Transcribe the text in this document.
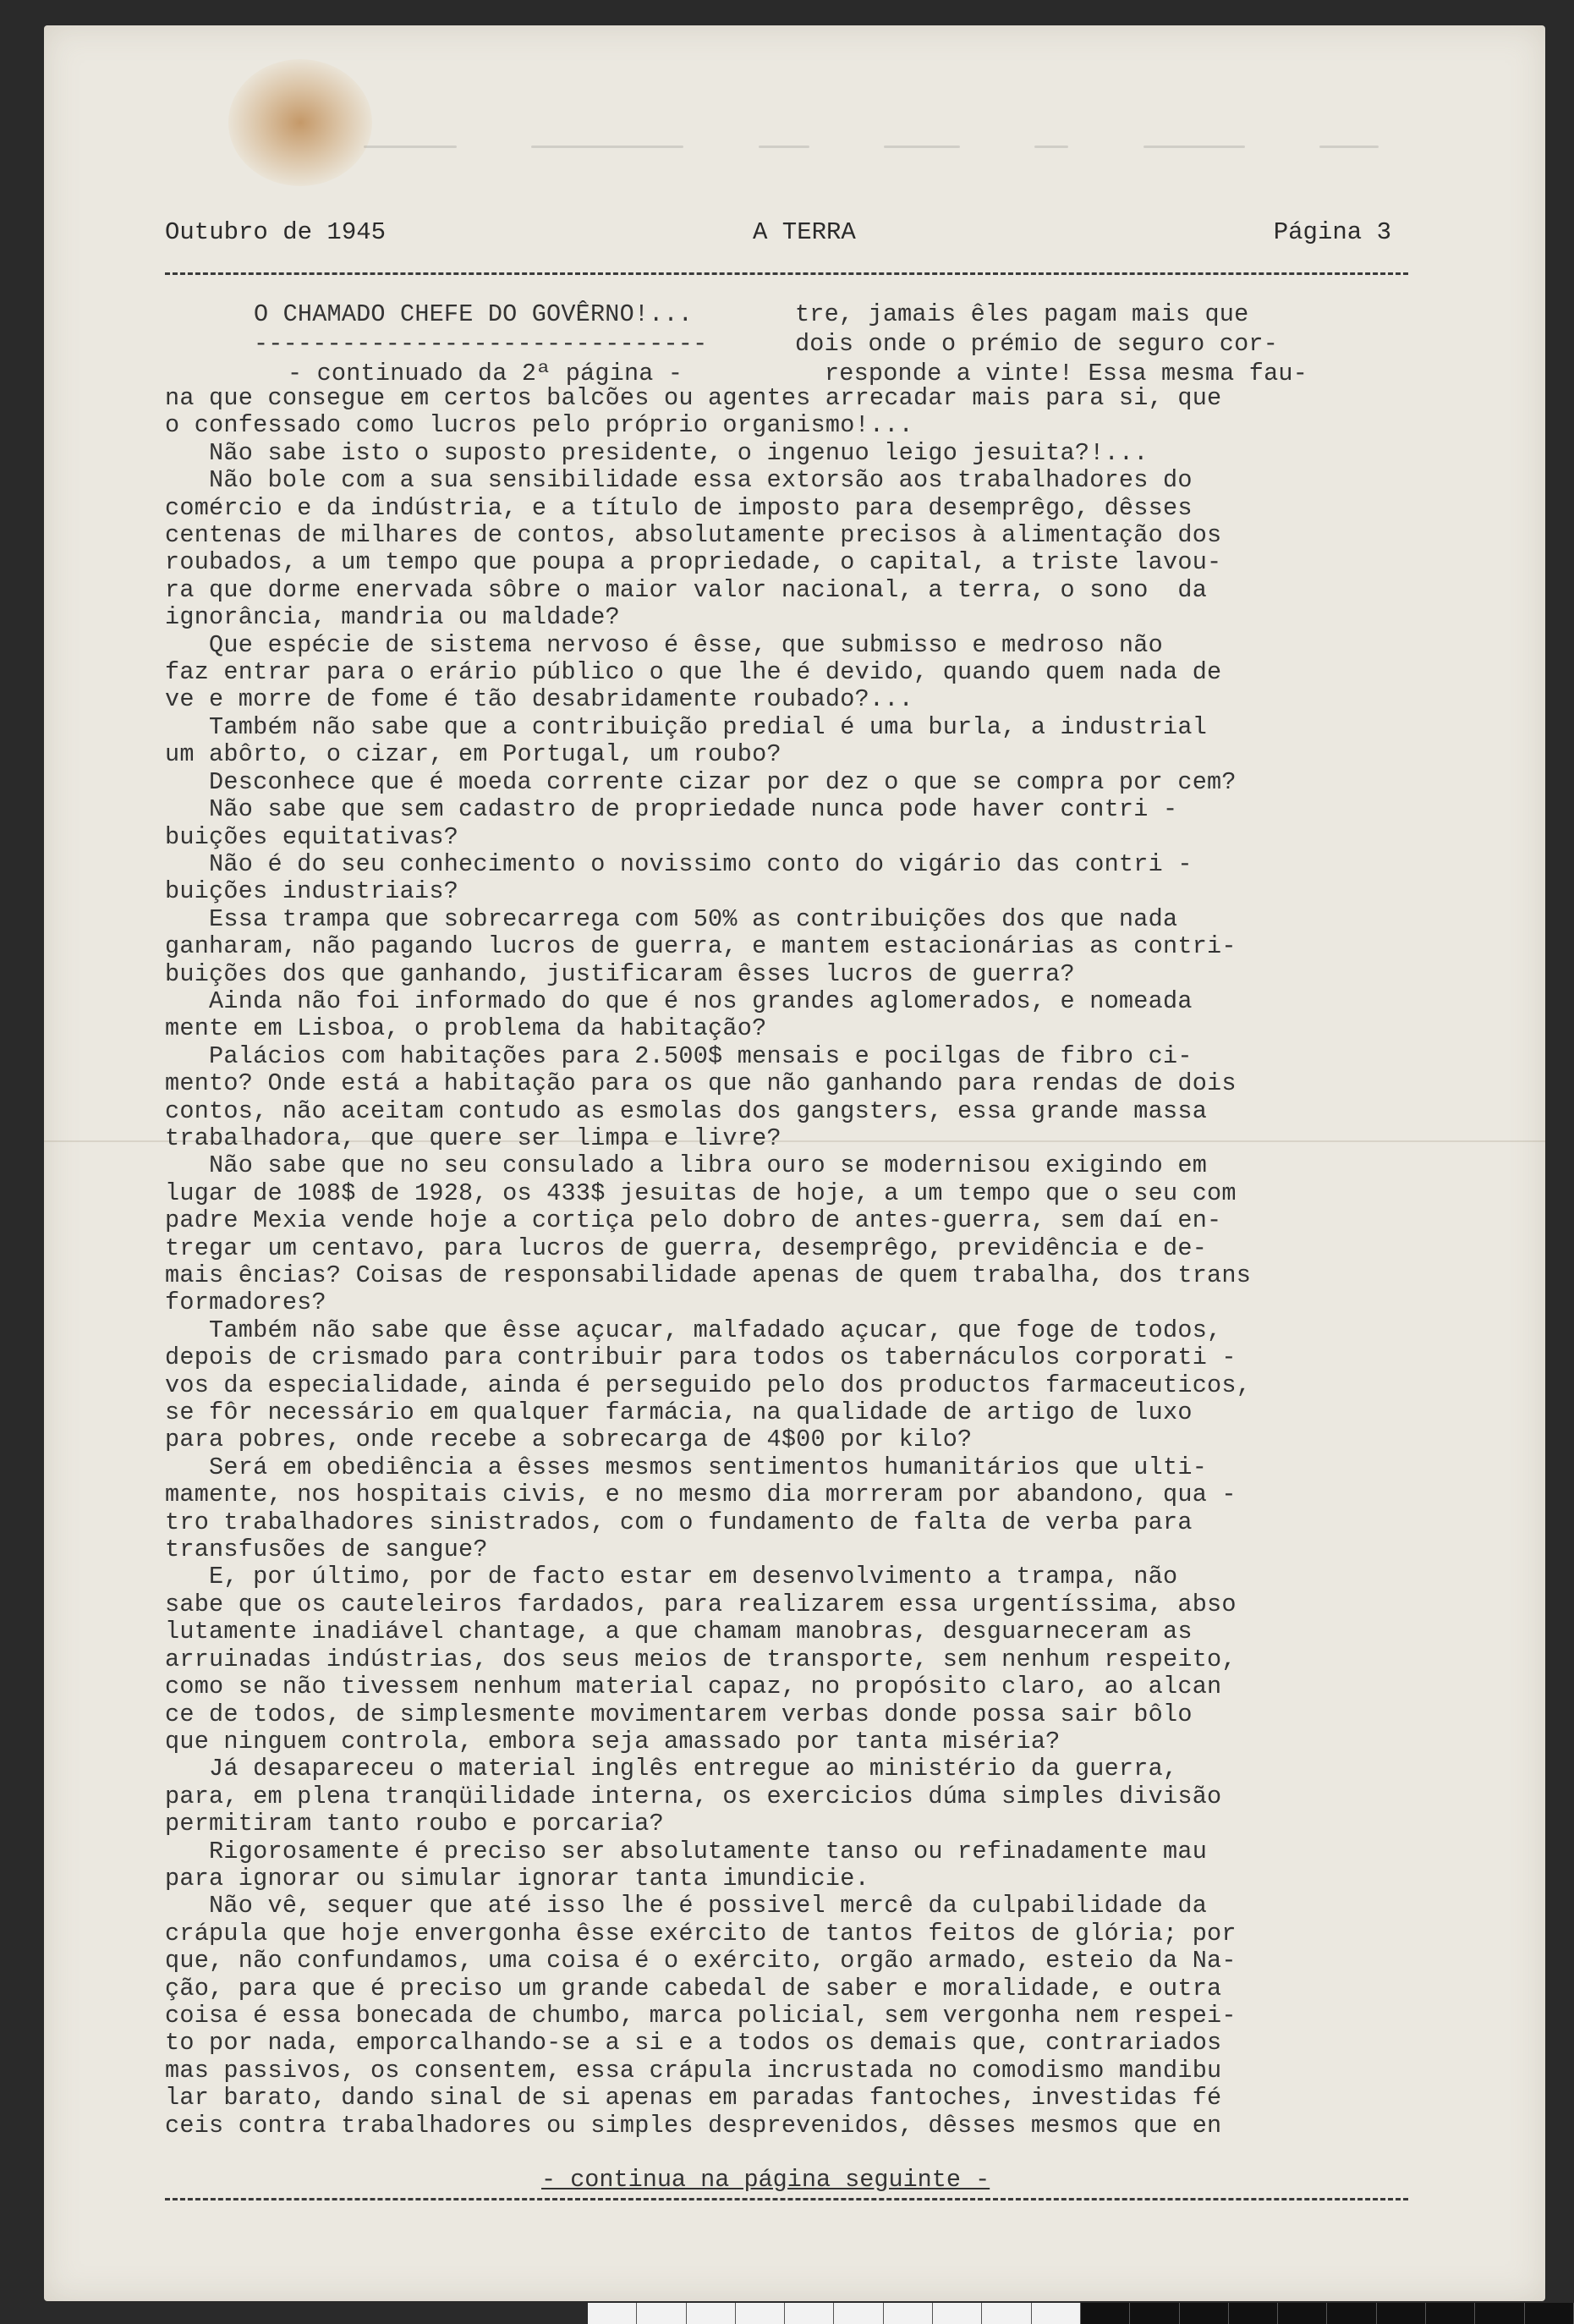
Outubro de 1945	A TERRA	Página 3
O CHAMADO CHEFE DO GOVÊRNO!...
-------------------------------
- continuado da 2ª página -
tre, jamais êles pagam mais que
dois onde o prémio de seguro cor-
responde a vinte! Essa mesma fau-
na que consegue em certos balcões ou agentes arrecadar mais para si, que
o confessado como lucros pelo próprio organismo!...
Não sabe isto o suposto presidente, o ingenuo leigo jesuita?!...
Não bole com a sua sensibilidade essa extorsão aos trabalhadores do
comércio e da indústria, e a título de imposto para desemprêgo, dêsses
centenas de milhares de contos, absolutamente precisos à alimentação dos
roubados, a um tempo que poupa a propriedade, o capital, a triste lavou-
ra que dorme enervada sôbre o maior valor nacional, a terra, o sono  da
ignorância, mandria ou maldade?
Que espécie de sistema nervoso é êsse, que submisso e medroso não
faz entrar para o erário público o que lhe é devido, quando quem nada de
ve e morre de fome é tão desabridamente roubado?...
Também não sabe que a contribuição predial é uma burla, a industrial
um abôrto, o cizar, em Portugal, um roubo?
Desconhece que é moeda corrente cizar por dez o que se compra por cem?
Não sabe que sem cadastro de propriedade nunca pode haver contri -
buições equitativas?
Não é do seu conhecimento o novissimo conto do vigário das contri -
buições industriais?
Essa trampa que sobrecarrega com 50% as contribuições dos que nada
ganharam, não pagando lucros de guerra, e mantem estacionárias as contri-
buições dos que ganhando, justificaram êsses lucros de guerra?
Ainda não foi informado do que é nos grandes aglomerados, e nomeada
mente em Lisboa, o problema da habitação?
Palácios com habitações para 2.500$ mensais e pocilgas de fibro ci-
mento? Onde está a habitação para os que não ganhando para rendas de dois
contos, não aceitam contudo as esmolas dos gangsters, essa grande massa
trabalhadora, que quere ser limpa e livre?
Não sabe que no seu consulado a libra ouro se modernisou exigindo em
lugar de 108$ de 1928, os 433$ jesuitas de hoje, a um tempo que o seu com
padre Mexia vende hoje a cortiça pelo dobro de antes-guerra, sem daí en-
tregar um centavo, para lucros de guerra, desemprêgo, previdência e de-
mais ências? Coisas de responsabilidade apenas de quem trabalha, dos trans
formadores?
Também não sabe que êsse açucar, malfadado açucar, que foge de todos,
depois de crismado para contribuir para todos os tabernáculos corporati -
vos da especialidade, ainda é perseguido pelo dos productos farmaceuticos,
se fôr necessário em qualquer farmácia, na qualidade de artigo de luxo
para pobres, onde recebe a sobrecarga de 4$00 por kilo?
Será em obediência a êsses mesmos sentimentos humanitários que ulti-
mamente, nos hospitais civis, e no mesmo dia morreram por abandono, qua -
tro trabalhadores sinistrados, com o fundamento de falta de verba para
transfusões de sangue?
E, por último, por de facto estar em desenvolvimento a trampa, não
sabe que os cauteleiros fardados, para realizarem essa urgentíssima, abso
lutamente inadiável chantage, a que chamam manobras, desguarneceram as
arruinadas indústrias, dos seus meios de transporte, sem nenhum respeito,
como se não tivessem nenhum material capaz, no propósito claro, ao alcan
ce de todos, de simplesmente movimentarem verbas donde possa sair bôlo
que ninguem controla, embora seja amassado por tanta miséria?
Já desapareceu o material inglês entregue ao ministério da guerra,
para, em plena tranqüilidade interna, os exercicios dúma simples divisão
permitiram tanto roubo e porcaria?
Rigorosamente é preciso ser absolutamente tanso ou refinadamente mau
para ignorar ou simular ignorar tanta imundicie.
Não vê, sequer que até isso lhe é possivel mercê da culpabilidade da
crápula que hoje envergonha êsse exército de tantos feitos de glória; por
que, não confundamos, uma coisa é o exército, orgão armado, esteio da Na-
ção, para que é preciso um grande cabedal de saber e moralidade, e outra
coisa é essa bonecada de chumbo, marca policial, sem vergonha nem respei-
to por nada, emporcalhando-se a si e a todos os demais que, contrariados
mas passivos, os consentem, essa crápula incrustada no comodismo mandibu
lar barato, dando sinal de si apenas em paradas fantoches, investidas fé
ceis contra trabalhadores ou simples desprevenidos, dêsses mesmos que en
- continua na página seguinte -
